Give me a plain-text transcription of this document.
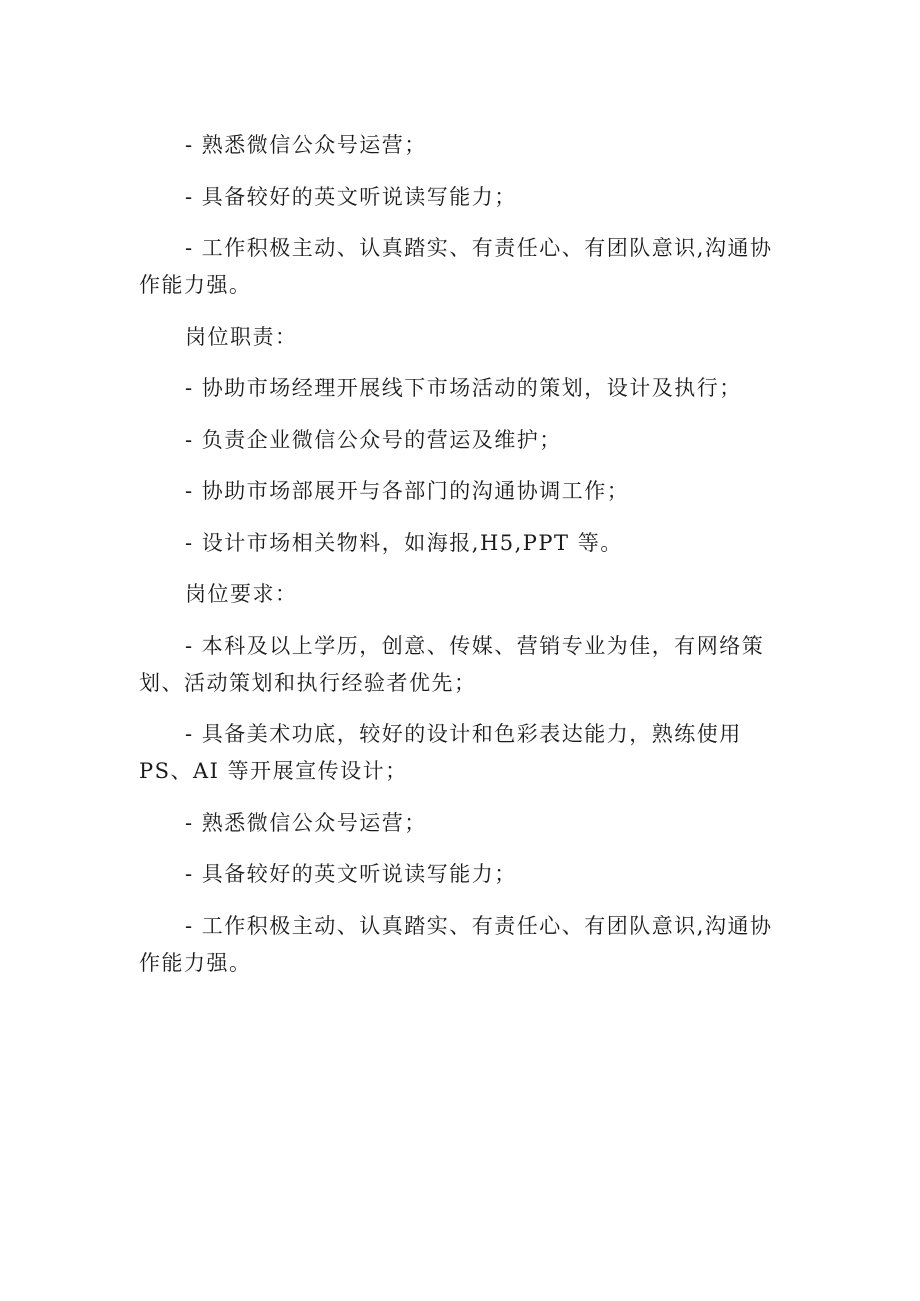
- 熟悉微信公众号运营；

- 具备较好的英文听说读写能力；

- 工作积极主动、认真踏实、有责任心、有团队意识,沟通协作能力强。

岗位职责：

- 协助市场经理开展线下市场活动的策划，设计及执行；

- 负责企业微信公众号的营运及维护；

- 协助市场部展开与各部门的沟通协调工作；

- 设计市场相关物料，如海报,H5,PPT 等。

岗位要求：

- 本科及以上学历，创意、传媒、营销专业为佳，有网络策划、活动策划和执行经验者优先；

- 具备美术功底，较好的设计和色彩表达能力，熟练使用PS、AI 等开展宣传设计；

- 熟悉微信公众号运营；

- 具备较好的英文听说读写能力；

- 工作积极主动、认真踏实、有责任心、有团队意识,沟通协作能力强。
